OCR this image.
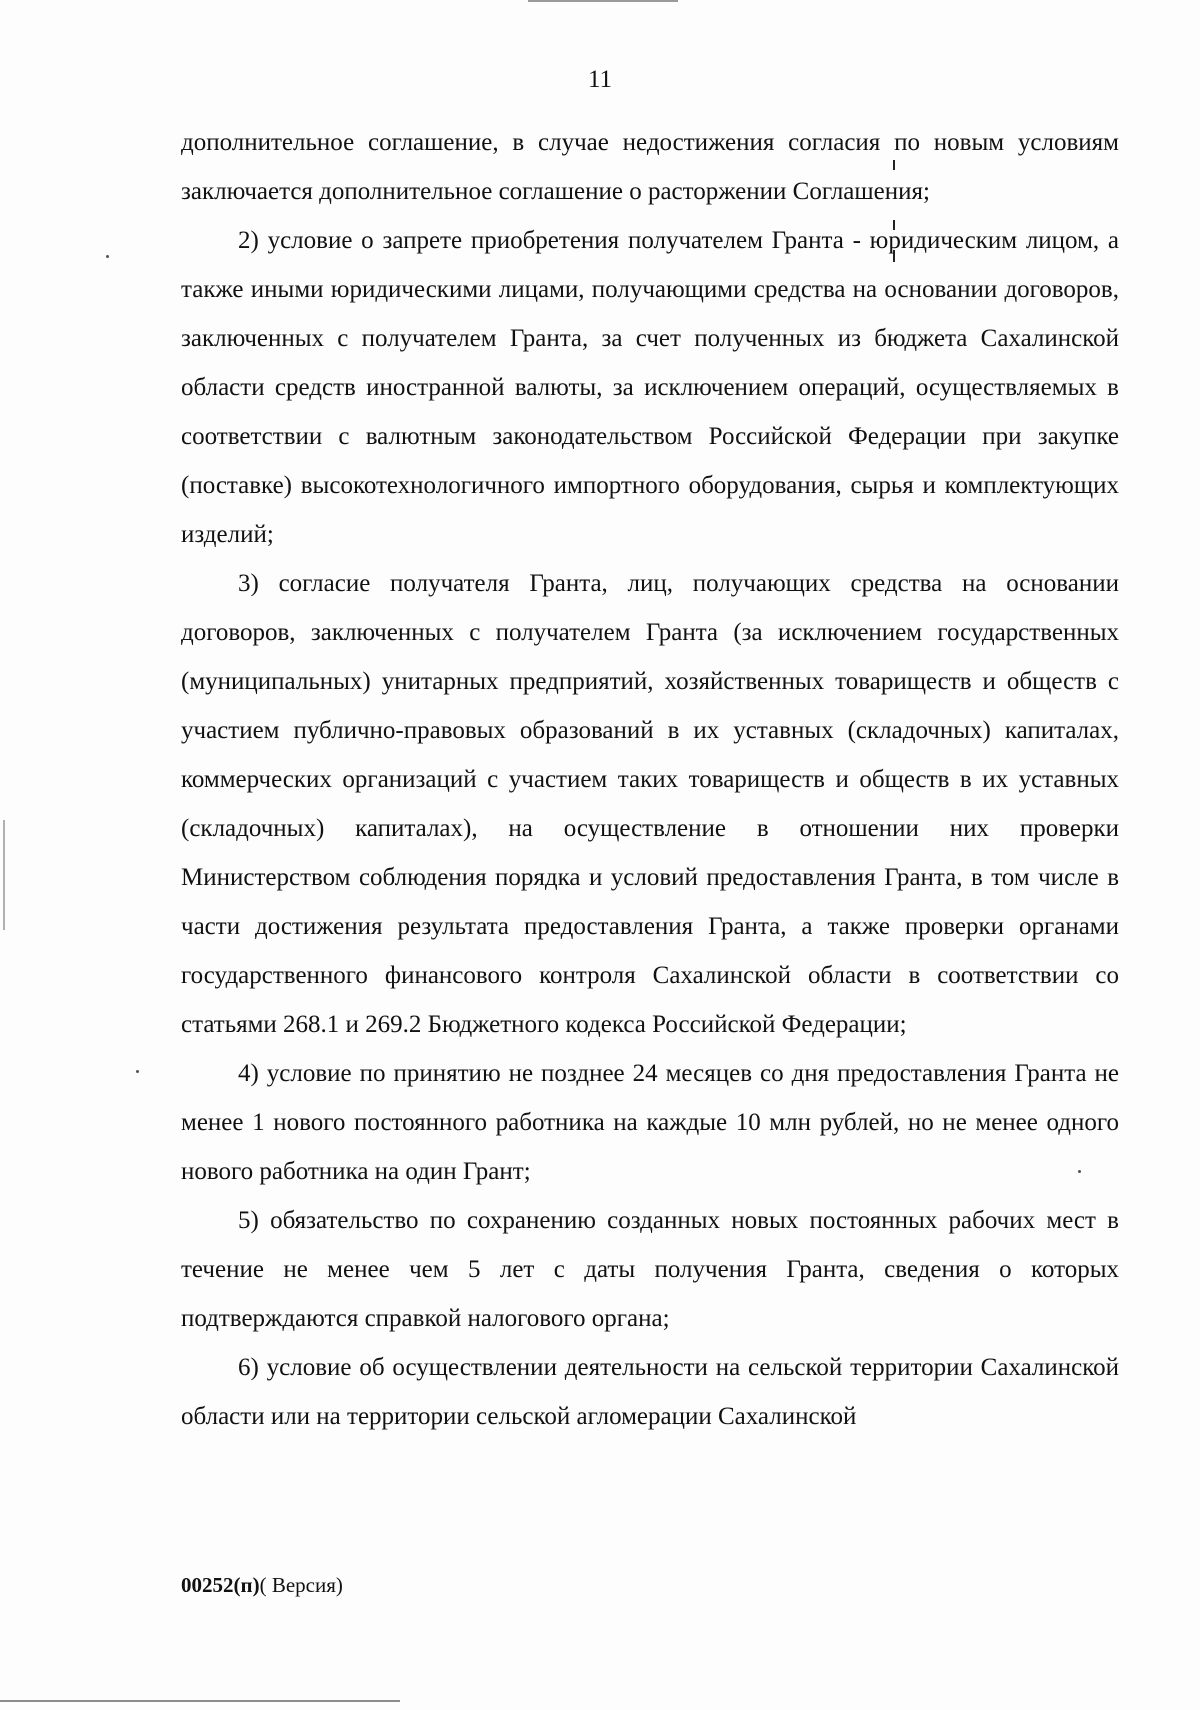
11

дополнительное соглашение, в случае недостижения согласия по новым условиям заключается дополнительное соглашение о расторжении Соглашения;

2) условие о запрете приобретения получателем Гранта - юридическим лицом, а также иными юридическими лицами, получающими средства на основании договоров, заключенных с получателем Гранта, за счет полученных из бюджета Сахалинской области средств иностранной валюты, за исключением операций, осуществляемых в соответствии с валютным законодательством Российской Федерации при закупке (поставке) высокотехнологичного импортного оборудования, сырья и комплектующих изделий;

3) согласие получателя Гранта, лиц, получающих средства на основании договоров, заключенных с получателем Гранта (за исключением государственных (муниципальных) унитарных предприятий, хозяйственных товариществ и обществ с участием публично-правовых образований в их уставных (складочных) капиталах, коммерческих организаций с участием таких товариществ и обществ в их уставных (складочных) капиталах), на осуществление в отношении них проверки Министерством соблюдения порядка и условий предоставления Гранта, в том числе в части достижения результата предоставления Гранта, а также проверки органами государственного финансового контроля Сахалинской области в соответствии со статьями 268.1 и 269.2 Бюджетного кодекса Российской Федерации;

4) условие по принятию не позднее 24 месяцев со дня предоставления Гранта не менее 1 нового постоянного работника на каждые 10 млн рублей, но не менее одного нового работника на один Грант;

5) обязательство по сохранению созданных новых постоянных рабочих мест в течение не менее чем 5 лет с даты получения Гранта, сведения о которых подтверждаются справкой налогового органа;

6) условие об осуществлении деятельности на сельской территории Сахалинской области или на территории сельской агломерации Сахалинской

00252(п)( Версия)
